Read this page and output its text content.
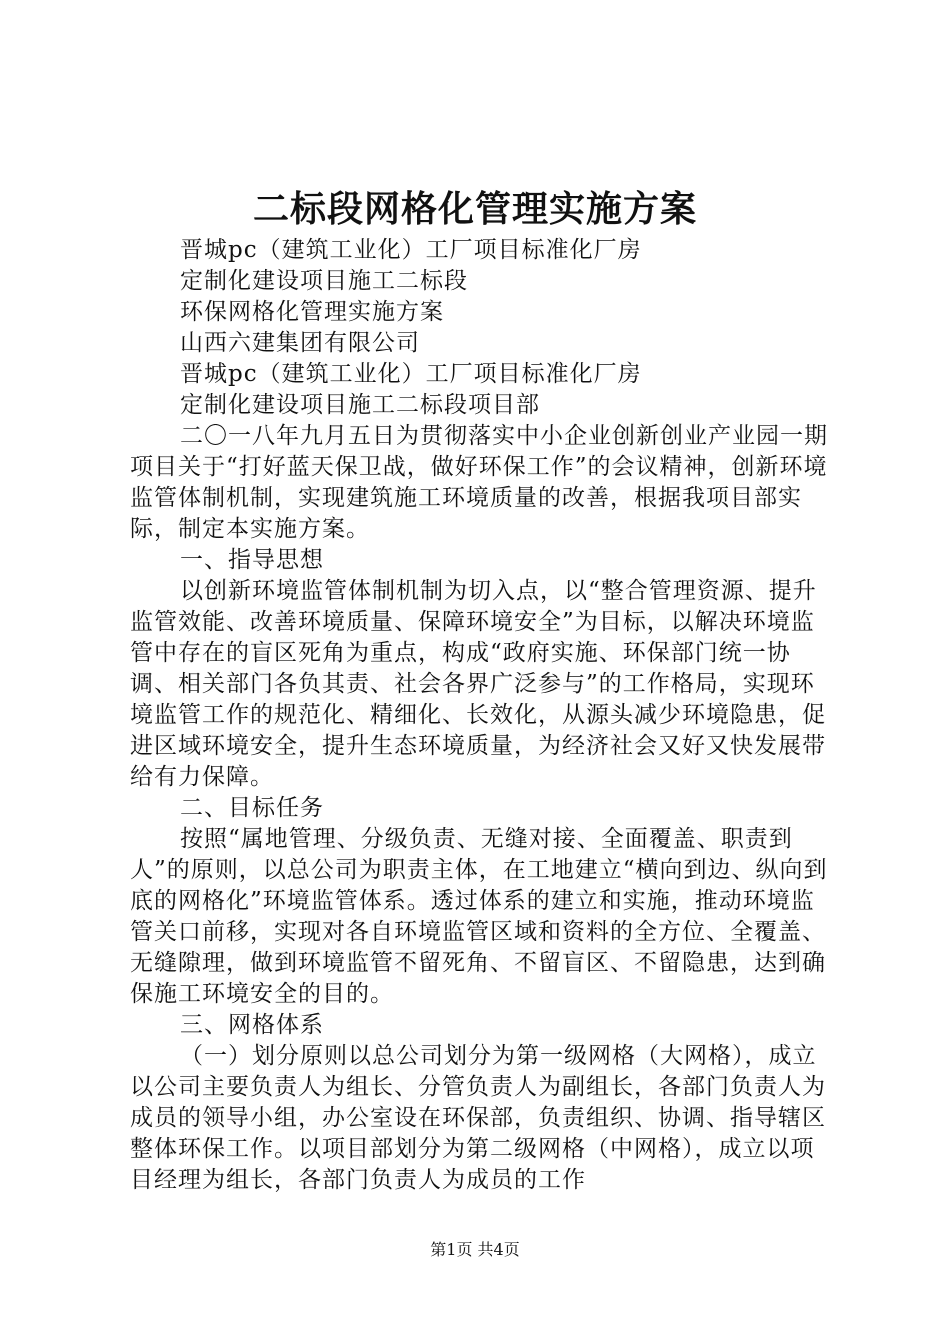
二标段网格化管理实施方案

晋城pc（建筑工业化）工厂项目标准化厂房

定制化建设项目施工二标段

环保网格化管理实施方案

山西六建集团有限公司

晋城pc（建筑工业化）工厂项目标准化厂房

定制化建设项目施工二标段项目部

二〇一八年九月五日为贯彻落实中小企业创新创业产业园一期项目关于“打好蓝天保卫战，做好环保工作”的会议精神，创新环境监管体制机制，实现建筑施工环境质量的改善，根据我项目部实际，制定本实施方案。

一、指导思想

以创新环境监管体制机制为切入点，以“整合管理资源、提升监管效能、改善环境质量、保障环境安全”为目标，以解决环境监管中存在的盲区死角为重点，构成“政府实施、环保部门统一协调、相关部门各负其责、社会各界广泛参与”的工作格局，实现环境监管工作的规范化、精细化、长效化，从源头减少环境隐患，促进区域环境安全，提升生态环境质量，为经济社会又好又快发展带给有力保障。

二、目标任务

按照“属地管理、分级负责、无缝对接、全面覆盖、职责到人”的原则，以总公司为职责主体，在工地建立“横向到边、纵向到底的网格化”环境监管体系。透过体系的建立和实施，推动环境监管关口前移，实现对各自环境监管区域和资料的全方位、全覆盖、无缝隙理，做到环境监管不留死角、不留盲区、不留隐患，达到确保施工环境安全的目的。

三、网格体系

（一）划分原则以总公司划分为第一级网格（大网格），成立以公司主要负责人为组长、分管负责人为副组长，各部门负责人为成员的领导小组，办公室设在环保部，负责组织、协调、指导辖区整体环保工作。以项目部划分为第二级网格（中网格），成立以项目经理为组长，各部门负责人为成员的工作

第1页 共4页
